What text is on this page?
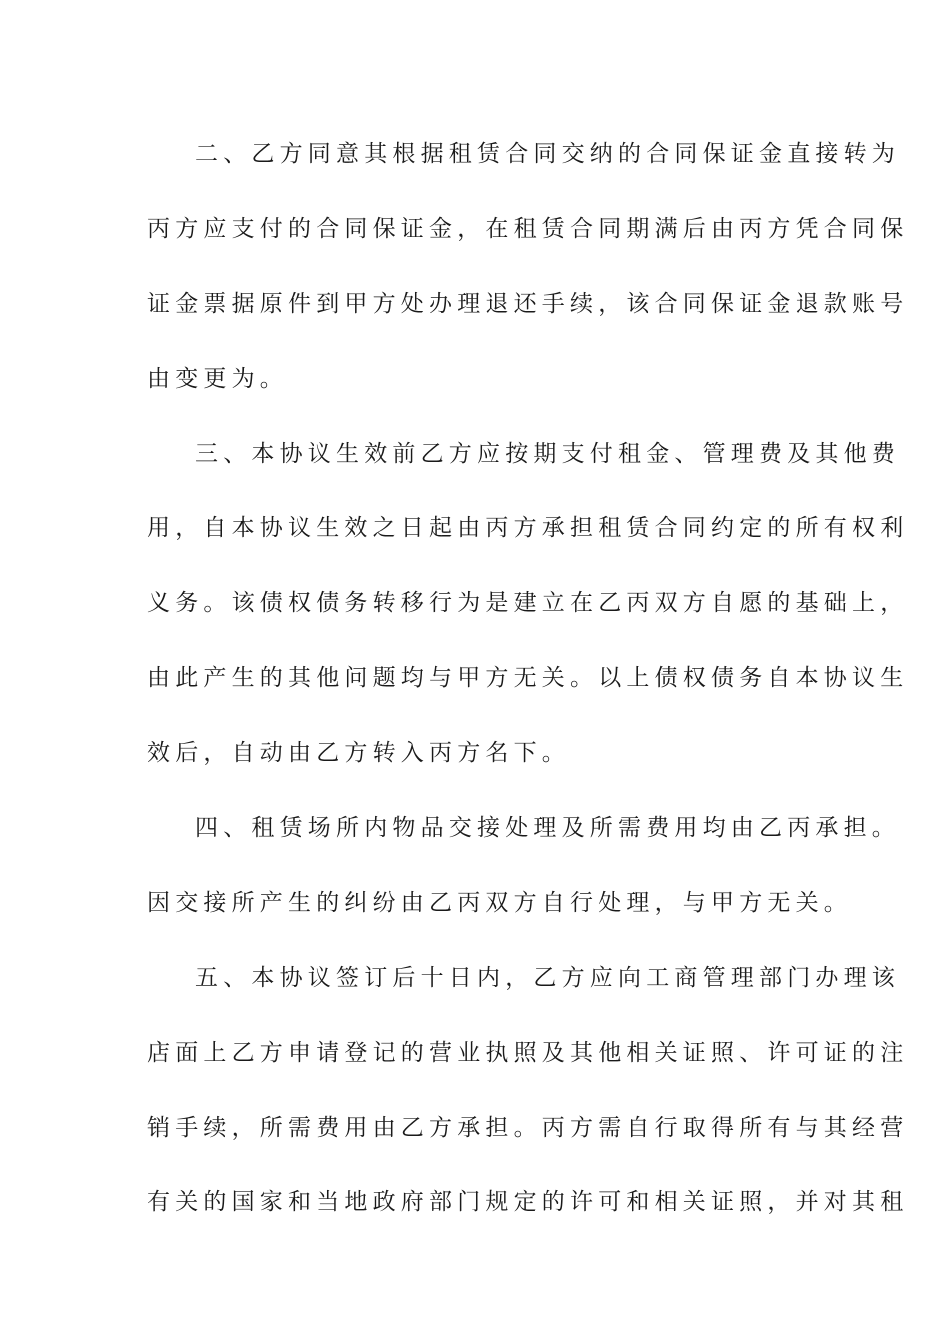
二、乙方同意其根据租赁合同交纳的合同保证金直接转为
丙方应支付的合同保证金，在租赁合同期满后由丙方凭合同保
证金票据原件到甲方处办理退还手续，该合同保证金退款账号
由变更为。
三、本协议生效前乙方应按期支付租金、管理费及其他费
用，自本协议生效之日起由丙方承担租赁合同约定的所有权利
义务。该债权债务转移行为是建立在乙丙双方自愿的基础上，
由此产生的其他问题均与甲方无关。以上债权债务自本协议生
效后，自动由乙方转入丙方名下。
四、租赁场所内物品交接处理及所需费用均由乙丙承担。
因交接所产生的纠纷由乙丙双方自行处理，与甲方无关。
五、本协议签订后十日内，乙方应向工商管理部门办理该
店面上乙方申请登记的营业执照及其他相关证照、许可证的注
销手续，所需费用由乙方承担。丙方需自行取得所有与其经营
有关的国家和当地政府部门规定的许可和相关证照，并对其租
